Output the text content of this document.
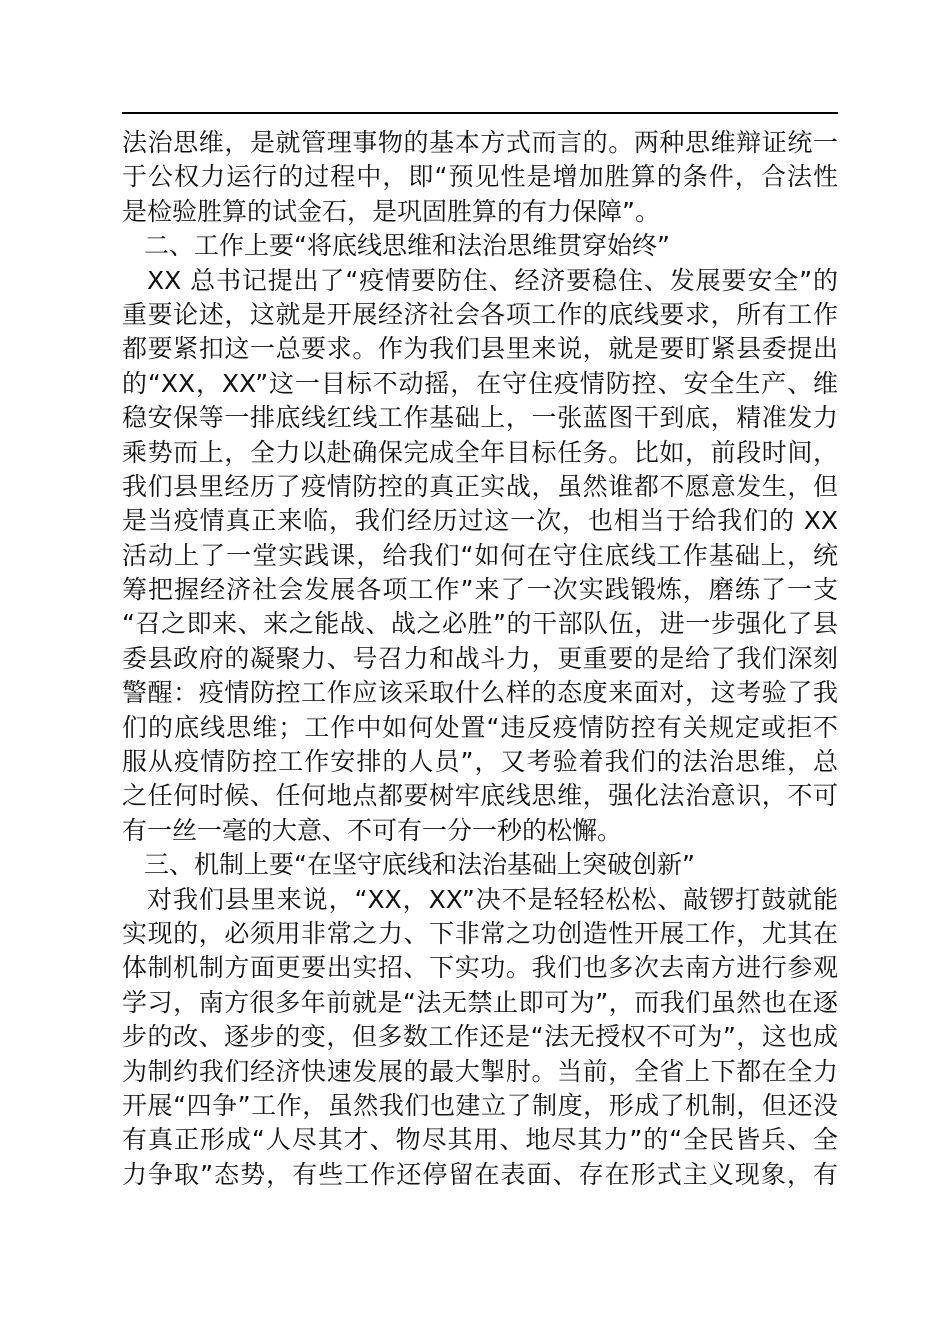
法治思维，是就管理事物的基本方式而言的。两种思维辩证统一
于公权力运行的过程中，即“预见性是增加胜算的条件，合法性
是检验胜算的试金石，是巩固胜算的有力保障”。
二、工作上要“将底线思维和法治思维贯穿始终”
XX 总书记提出了“疫情要防住、经济要稳住、发展要安全”的
重要论述，这就是开展经济社会各项工作的底线要求，所有工作
都要紧扣这一总要求。作为我们县里来说，就是要盯紧县委提出
的“XX，XX”这一目标不动摇，在守住疫情防控、安全生产、维
稳安保等一排底线红线工作基础上，一张蓝图干到底，精准发力
乘势而上，全力以赴确保完成全年目标任务。比如，前段时间，
我们县里经历了疫情防控的真正实战，虽然谁都不愿意发生，但
是当疫情真正来临，我们经历过这一次，也相当于给我们的 XX
活动上了一堂实践课，给我们“如何在守住底线工作基础上，统
筹把握经济社会发展各项工作”来了一次实践锻炼，磨练了一支
“召之即来、来之能战、战之必胜”的干部队伍，进一步强化了县
委县政府的凝聚力、号召力和战斗力，更重要的是给了我们深刻
警醒：疫情防控工作应该采取什么样的态度来面对，这考验了我
们的底线思维；工作中如何处置“违反疫情防控有关规定或拒不
服从疫情防控工作安排的人员”，又考验着我们的法治思维，总
之任何时候、任何地点都要树牢底线思维，强化法治意识，不可
有一丝一毫的大意、不可有一分一秒的松懈。
三、机制上要“在坚守底线和法治基础上突破创新”
对我们县里来说，“XX，XX”决不是轻轻松松、敲锣打鼓就能
实现的，必须用非常之力、下非常之功创造性开展工作，尤其在
体制机制方面更要出实招、下实功。我们也多次去南方进行参观
学习，南方很多年前就是“法无禁止即可为”，而我们虽然也在逐
步的改、逐步的变，但多数工作还是“法无授权不可为”，这也成
为制约我们经济快速发展的最大掣肘。当前，全省上下都在全力
开展“四争”工作，虽然我们也建立了制度，形成了机制，但还没
有真正形成“人尽其才、物尽其用、地尽其力”的“全民皆兵、全
力争取”态势，有些工作还停留在表面、存在形式主义现象，有
